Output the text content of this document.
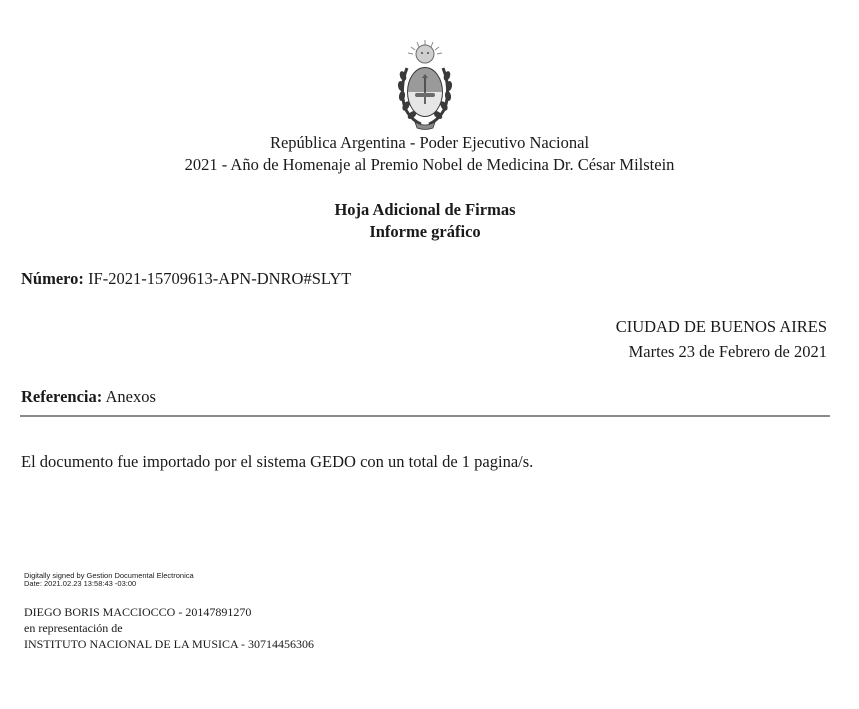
República Argentina - Poder Ejecutivo Nacional
2021 - Año de Homenaje al Premio Nobel de Medicina Dr. César Milstein
Hoja Adicional de Firmas
Informe gráfico
Número: IF-2021-15709613-APN-DNRO#SLYT
CIUDAD DE BUENOS AIRES
Martes 23 de Febrero de 2021
Referencia: Anexos
El documento fue importado por el sistema GEDO con un total de 1 pagina/s.
Digitally signed by Gestion Documental Electronica
Date: 2021.02.23 13:58:43 -03:00
DIEGO BORIS MACCIOCCO - 20147891270
en representación de
INSTITUTO NACIONAL DE LA MUSICA - 30714456306
